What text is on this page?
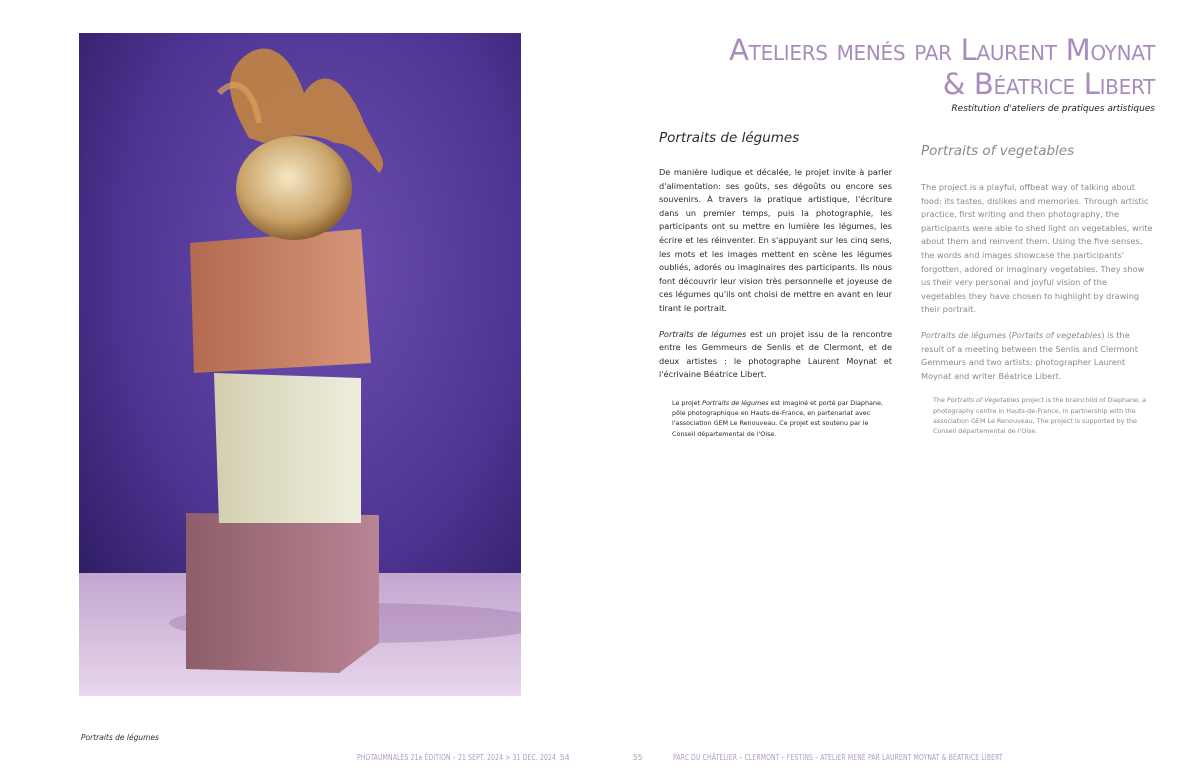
Portraits de légumes
Ateliers menés par Laurent Moynat
& Béatrice Libert
Restitution d'ateliers de pratiques artistiques
Portraits de légumes

De manière ludique et décalée, le projet invite à parler d'alimentation: ses goûts, ses dégoûts ou encore ses souvenirs. À travers la pratique artistique, l'écriture dans un premier temps, puis la photographie, les participants ont su mettre en lumière les légumes, les écrire et les réinventer. En s'appuyant sur les cinq sens, les mots et les images mettent en scène les légumes oubliés, adorés ou imaginaires des participants. Ils nous font découvrir leur vision très personnelle et joyeuse de ces légumes qu'ils ont choisi de mettre en avant en leur tirant le portrait.

Portraits de légumes est un projet issu de la rencontre entre les Gemmeurs de Senlis et de Clermont, et de deux artistes : le photographe Laurent Moynat et l'écrivaine Béatrice Libert.

Le projet Portraits de légumes est imaginé et porté par Diaphane, pôle photographique en Hauts-de-France, en partenariat avec l'association GEM Le Renouveau. Ce projet est soutenu par le Conseil départemental de l'Oise.

Portraits of vegetables

The project is a playful, offbeat way of talking about food: its tastes, dislikes and memories. Through artistic practice, first writing and then photography, the participants were able to shed light on vegetables, write about them and reinvent them. Using the five senses, the words and images showcase the participants' forgotten, adored or imaginary vegetables. They show us their very personal and joyful vision of the vegetables they have chosen to highlight by drawing their portrait.

Portraits de légumes (Portaits of vegetables) is the result of a meeting between the Senlis and Clermont Gemmeurs and two artists: photographer Laurent Moynat and writer Béatrice Libert.

The Portraits of Vegetables project is the brainchild of Diaphane, a photography centre in Hauts-de-France, in partnership with the association GEM Le Renouveau. The project is supported by the Conseil départemental de l'Oise.

PHOTAUMNALES 21e ÉDITION – 21 SEPT. 2024 > 31 DEC. 2024 54	55	PARC DU CHÂTELIER – CLERMONT – FESTINS – ATELIER MENÉ PAR LAURENT MOYNAT & BÉATRICE LIBERT
